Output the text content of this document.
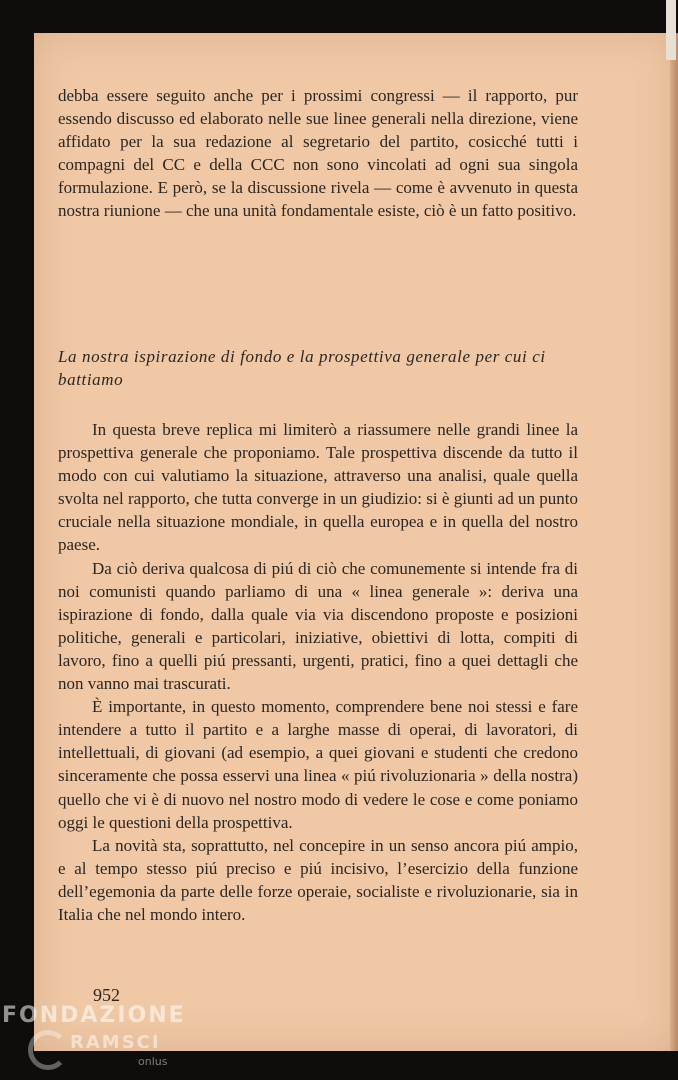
debba essere seguito anche per i prossimi congressi — il rapporto, pur essendo discusso ed elaborato nelle sue linee generali nella direzione, viene affidato per la sua redazione al segretario del partito, cosicché tutti i compagni del CC e della CCC non sono vincolati ad ogni sua singola formulazione. E però, se la discussione rivela — come è avvenuto in questa nostra riunione — che una unità fondamentale esiste, ciò è un fatto positivo.

La nostra ispirazione di fondo e la prospettiva generale per cui ci battiamo

In questa breve replica mi limiterò a riassumere nelle grandi linee la prospettiva generale che proponiamo. Tale prospettiva discende da tutto il modo con cui valutiamo la situazione, attraverso una analisi, quale quella svolta nel rapporto, che tutta converge in un giudizio: si è giunti ad un punto cruciale nella situazione mondiale, in quella europea e in quella del nostro paese.

Da ciò deriva qualcosa di piú di ciò che comunemente si intende fra di noi comunisti quando parliamo di una « linea generale »: deriva una ispirazione di fondo, dalla quale via via discendono proposte e posizioni politiche, generali e particolari, iniziative, obiettivi di lotta, compiti di lavoro, fino a quelli piú pressanti, urgenti, pratici, fino a quei dettagli che non vanno mai trascurati.

È importante, in questo momento, comprendere bene noi stessi e fare intendere a tutto il partito e a larghe masse di operai, di lavoratori, di intellettuali, di giovani (ad esempio, a quei giovani e studenti che credono sinceramente che possa esservi una linea « piú rivoluzionaria » della nostra) quello che vi è di nuovo nel nostro modo di vedere le cose e come poniamo oggi le questioni della prospettiva.

La novità sta, soprattutto, nel concepire in un senso ancora piú ampio, e al tempo stesso piú preciso e piú incisivo, l’esercizio della funzione dell’egemonia da parte delle forze operaie, socialiste e rivoluzionarie, sia in Italia che nel mondo intero.

952
FONDAZIONE
RAMSCI
onlus
